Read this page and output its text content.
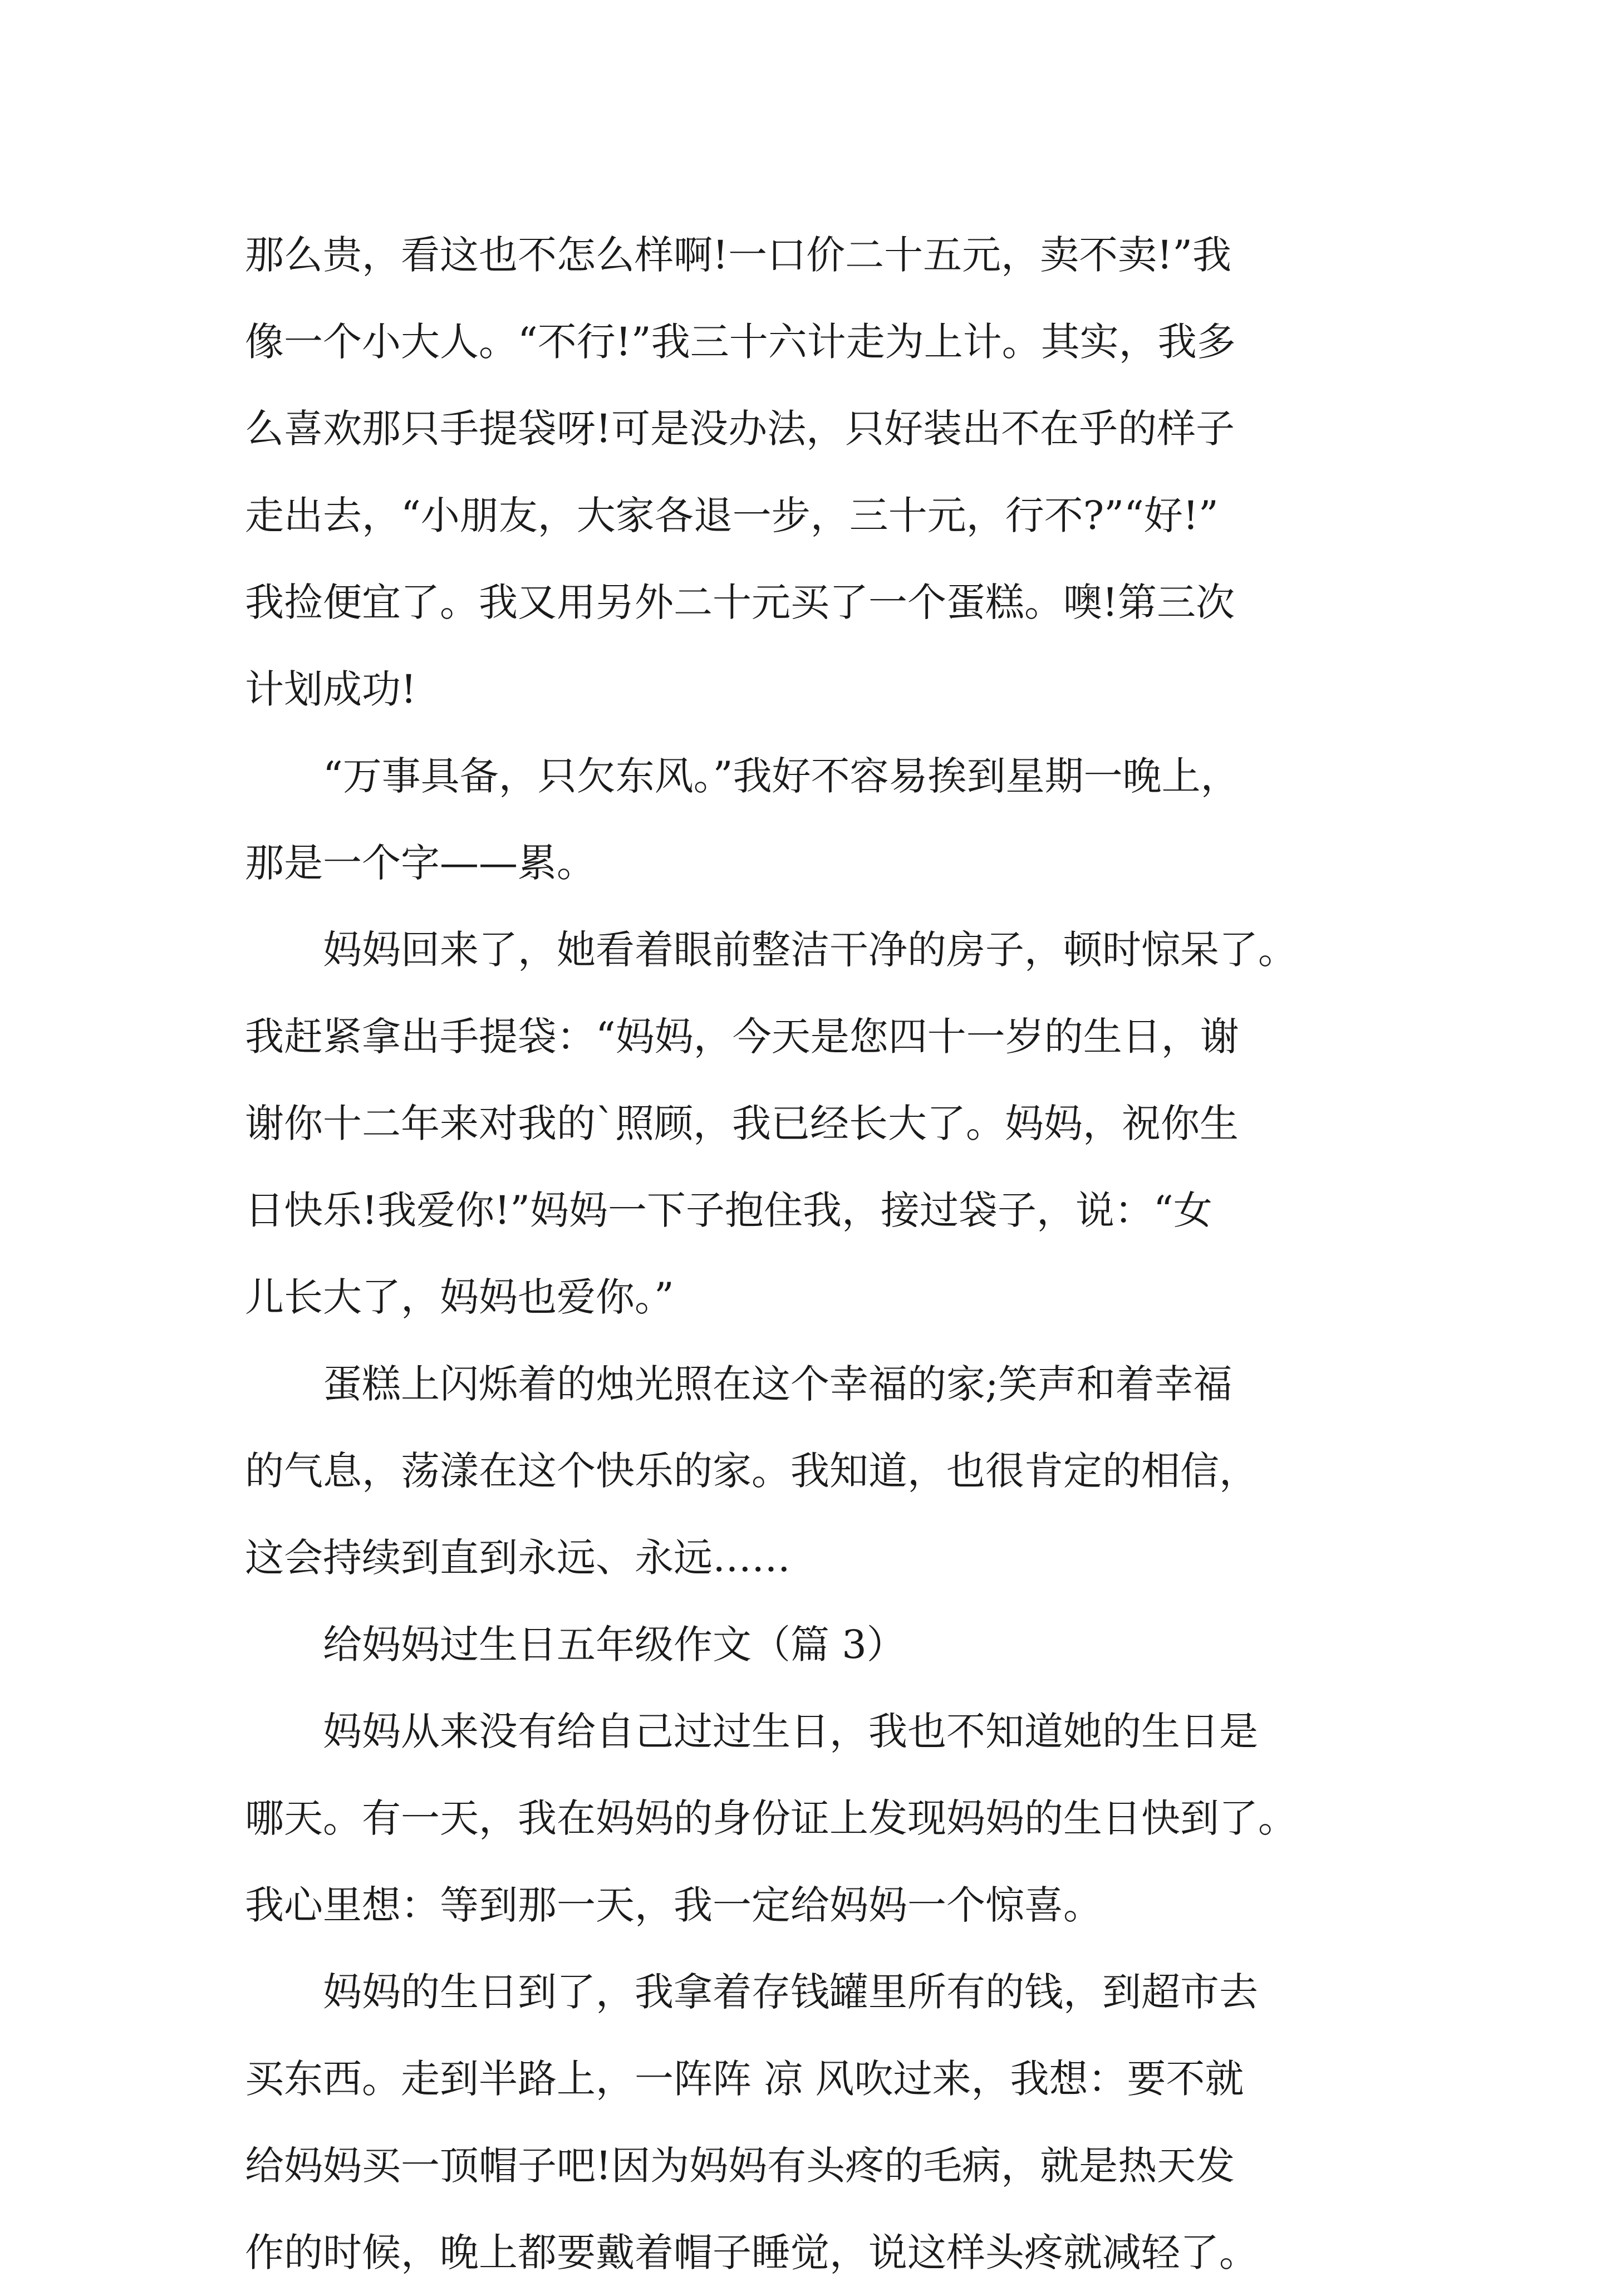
那么贵，看这也不怎么样啊!一口价二十五元，卖不卖!”我
像一个小大人。“不行!”我三十六计走为上计。其实，我多
么喜欢那只手提袋呀!可是没办法，只好装出不在乎的样子
走出去，“小朋友，大家各退一步，三十元，行不?”“好!”
我捡便宜了。我又用另外二十元买了一个蛋糕。噢!第三次
计划成功!
“万事具备，只欠东风。”我好不容易挨到星期一晚上，
那是一个字——累。
妈妈回来了，她看着眼前整洁干净的房子，顿时惊呆了。
我赶紧拿出手提袋：“妈妈，今天是您四十一岁的生日，谢
谢你十二年来对我的`照顾，我已经长大了。妈妈，祝你生
日快乐!我爱你!”妈妈一下子抱住我，接过袋子，说：“女
儿长大了，妈妈也爱你。”
蛋糕上闪烁着的烛光照在这个幸福的家;笑声和着幸福
的气息，荡漾在这个快乐的家。我知道，也很肯定的相信，
这会持续到直到永远、永远……
给妈妈过生日五年级作文（篇 3）
妈妈从来没有给自己过过生日，我也不知道她的生日是
哪天。有一天，我在妈妈的身份证上发现妈妈的生日快到了。
我心里想：等到那一天，我一定给妈妈一个惊喜。
妈妈的生日到了，我拿着存钱罐里所有的钱，到超市去
买东西。走到半路上，一阵阵 凉 风吹过来，我想：要不就
给妈妈买一顶帽子吧!因为妈妈有头疼的毛病，就是热天发
作的时候，晚上都要戴着帽子睡觉，说这样头疼就减轻了。
